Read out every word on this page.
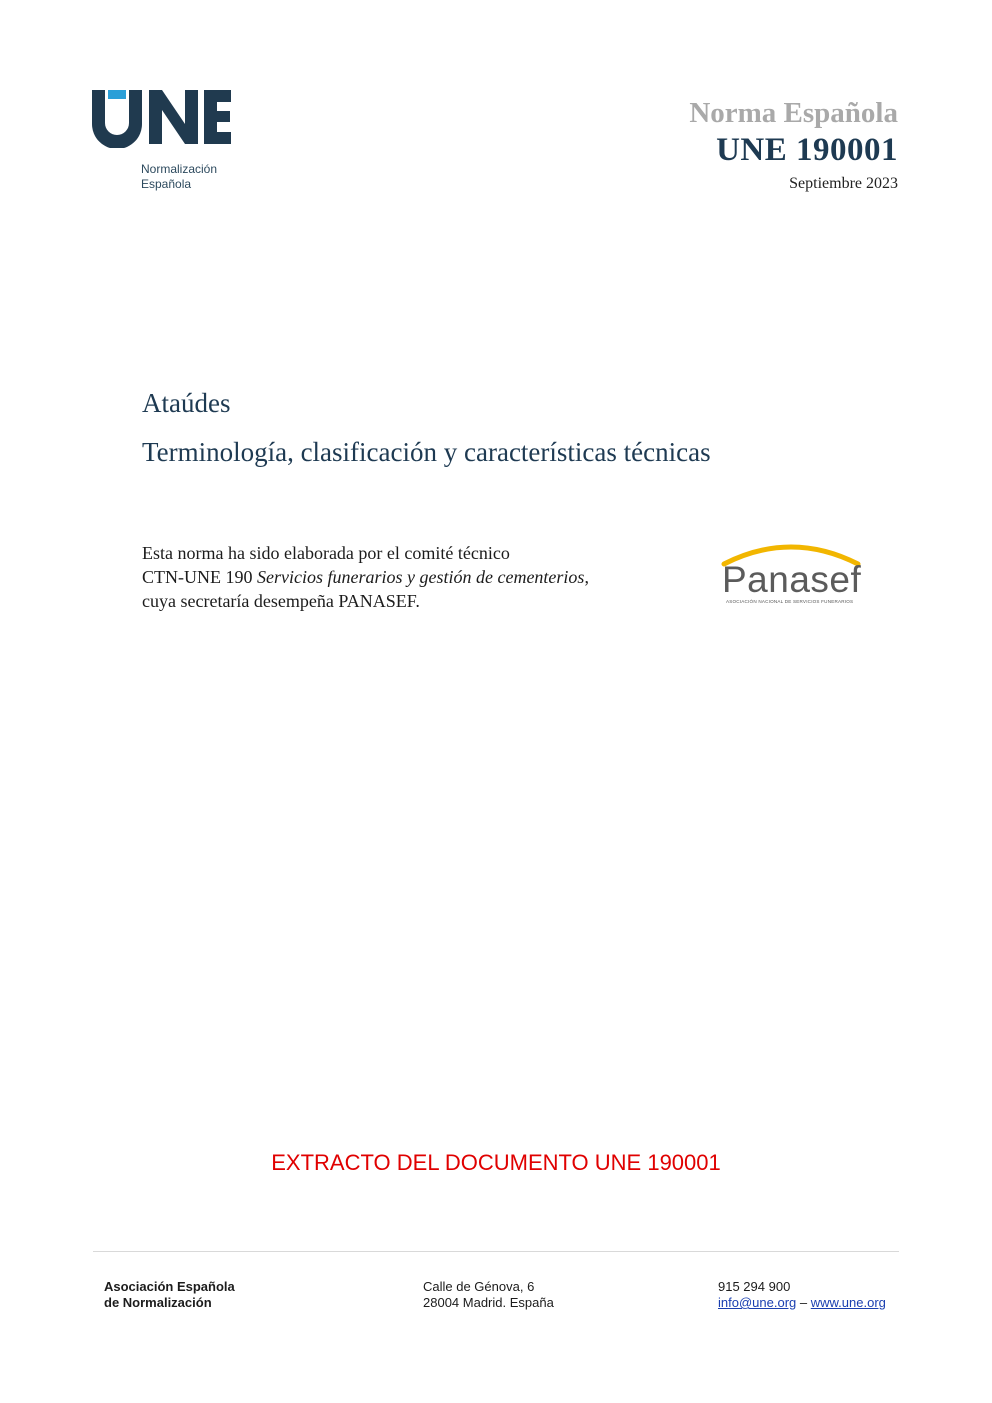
Normalización
Española
Norma Española
UNE 190001
Septiembre 2023
Ataúdes
Terminología, clasificación y características técnicas
Esta norma ha sido elaborada por el comité técnico
CTN-UNE 190 Servicios funerarios y gestión de cementerios,
cuya secretaría desempeña PANASEF.
Panasef
ASOCIACIÓN NACIONAL DE SERVICIOS FUNERARIOS
EXTRACTO DEL DOCUMENTO UNE 190001
Asociación Española
de Normalización
Calle de Génova, 6
28004 Madrid. España
915 294 900
info@une.org – www.une.org
